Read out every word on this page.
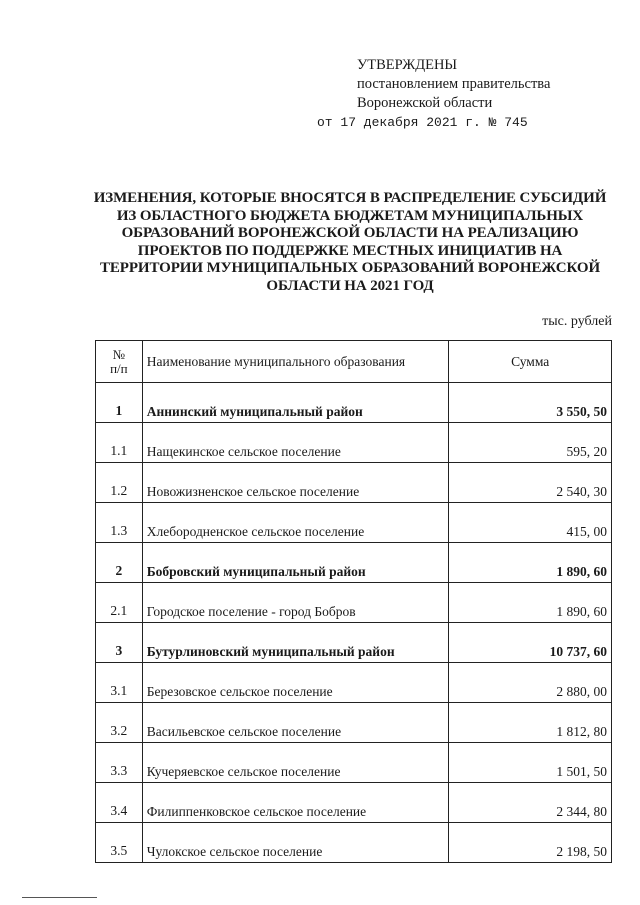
УТВЕРЖДЕНЫ
постановлением правительства
Воронежской области
от 17 декабря 2021 г. № 745
ИЗМЕНЕНИЯ, КОТОРЫЕ ВНОСЯТСЯ В РАСПРЕДЕЛЕНИЕ СУБСИДИЙ ИЗ ОБЛАСТНОГО БЮДЖЕТА БЮДЖЕТАМ МУНИЦИПАЛЬНЫХ ОБРАЗОВАНИЙ ВОРОНЕЖСКОЙ ОБЛАСТИ НА РЕАЛИЗАЦИЮ ПРОЕКТОВ ПО ПОДДЕРЖКЕ МЕСТНЫХ ИНИЦИАТИВ НА ТЕРРИТОРИИ МУНИЦИПАЛЬНЫХ ОБРАЗОВАНИЙ ВОРОНЕЖСКОЙ ОБЛАСТИ НА 2021 ГОД
тыс. рублей
№
п/п	Наименование муниципального образования	Сумма
1	Аннинский муниципальный район	3 550, 50
1.1	Нащекинское сельское поселение	595, 20
1.2	Новожизненское сельское поселение	2 540, 30
1.3	Хлебородненское сельское поселение	415, 00
2	Бобровский муниципальный район	1 890, 60
2.1	Городское поселение - город Бобров	1 890, 60
3	Бутурлиновский муниципальный район	10 737, 60
3.1	Березовское сельское поселение	2 880, 00
3.2	Васильевское сельское поселение	1 812, 80
3.3	Кучеряевское сельское поселение	1 501, 50
3.4	Филиппенковское сельское поселение	2 344, 80
3.5	Чулокское сельское поселение	2 198, 50
